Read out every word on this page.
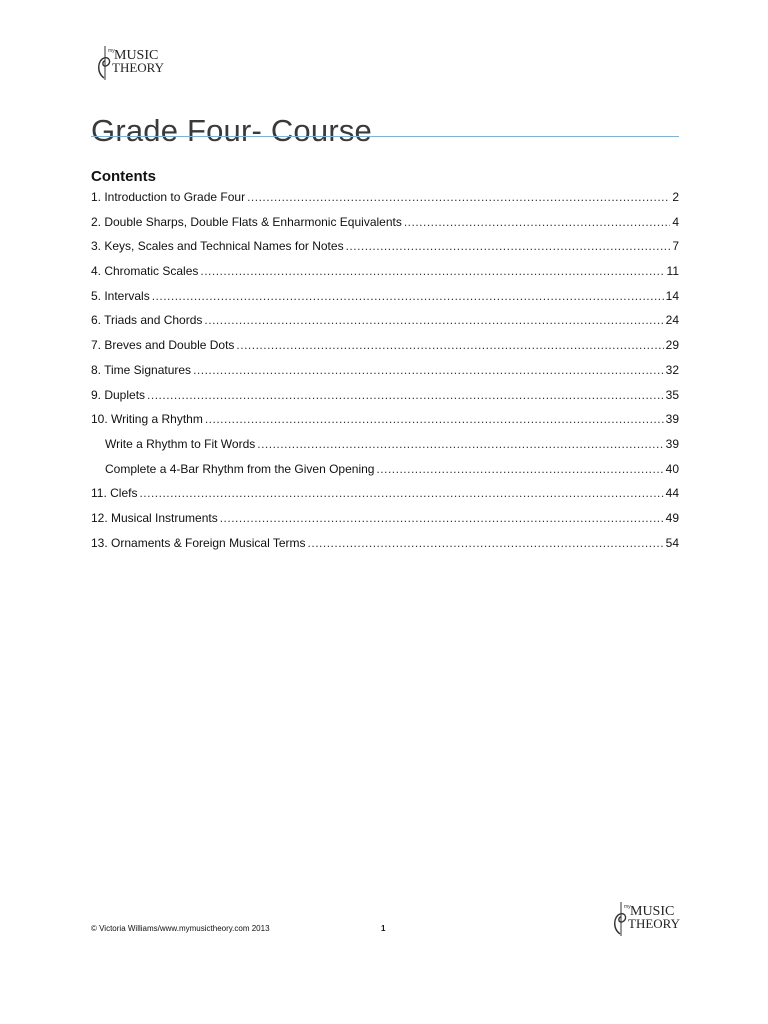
my MUSIC
THEORY
Grade Four- Course
Contents
1. Introduction to Grade Four .....	2
2. Double Sharps, Double Flats & Enharmonic Equivalents .....	4
3. Keys, Scales and Technical Names for Notes .....	7
4. Chromatic Scales .....	11
5. Intervals .....	14
6. Triads and Chords .....	24
7. Breves and Double Dots .....	29
8. Time Signatures .....	32
9. Duplets .....	35
10. Writing a Rhythm .....	39
Write a Rhythm to Fit Words .....	39
Complete a 4-Bar Rhythm from the Given Opening .....	40
11. Clefs .....	44
12. Musical Instruments .....	49
13. Ornaments & Foreign Musical Terms .....	54
my MUSIC
THEORY
© Victoria Williams/www.mymusictheory.com 2013	1
